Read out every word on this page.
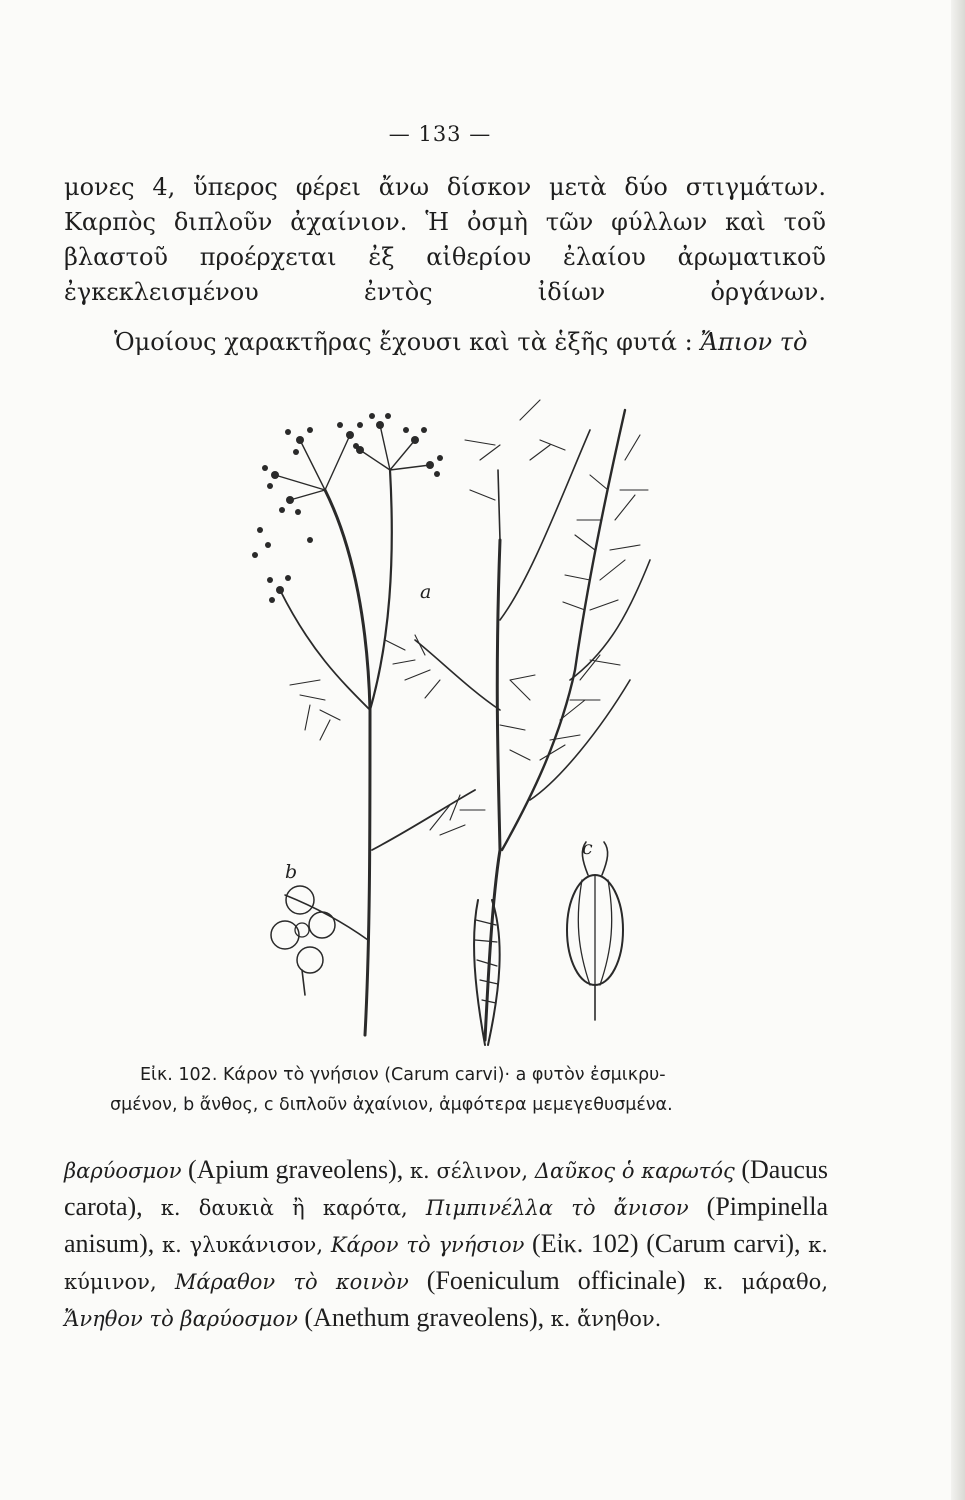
— 133 —
μονες 4, ὕπερος φέρει ἄνω δίσκον μετὰ δύο στιγμάτων. Καρπὸς διπλοῦν ἀχαίνιον. Ἡ ὀσμὴ τῶν φύλλων καὶ τοῦ βλαστοῦ προέρχεται ἐξ αἰθερίου ἐλαίου ἀρωματικοῦ ἐγκεκλεισμένου ἐντὸς ἰδίων ὀργάνων.
Ὁμοίους χαρακτῆρας ἔχουσι καὶ τὰ ἑξῆς φυτά : Ἄπιον τὸ
a
b
c
Εἰκ. 102. Κάρον τὸ γνήσιον (Carum carvi)· a φυτὸν ἐσμικρυ-
σμένον, b ἄνθος, c διπλοῦν ἀχαίνιον, ἀμφότερα μεμεγεθυσμένα.
βαρύοσμον (Apium graveolens), κ. σέλινον, Δαῦκος ὁ καρωτός (Daucus carota), κ. δαυκιὰ ἢ καρότα, Πιμπινέλλα τὸ ἄνισον (Pimpinella anisum), κ. γλυκάνισον, Κάρον τὸ γνήσιον (Εἰκ. 102) (Carum carvi), κ. κύμινον, Μάραθον τὸ κοινὸν (Foeniculum officinale) κ. μάραθο, Ἄνηθον τὸ βαρύοσμον (Anethum graveolens), κ. ἄνηθον.
